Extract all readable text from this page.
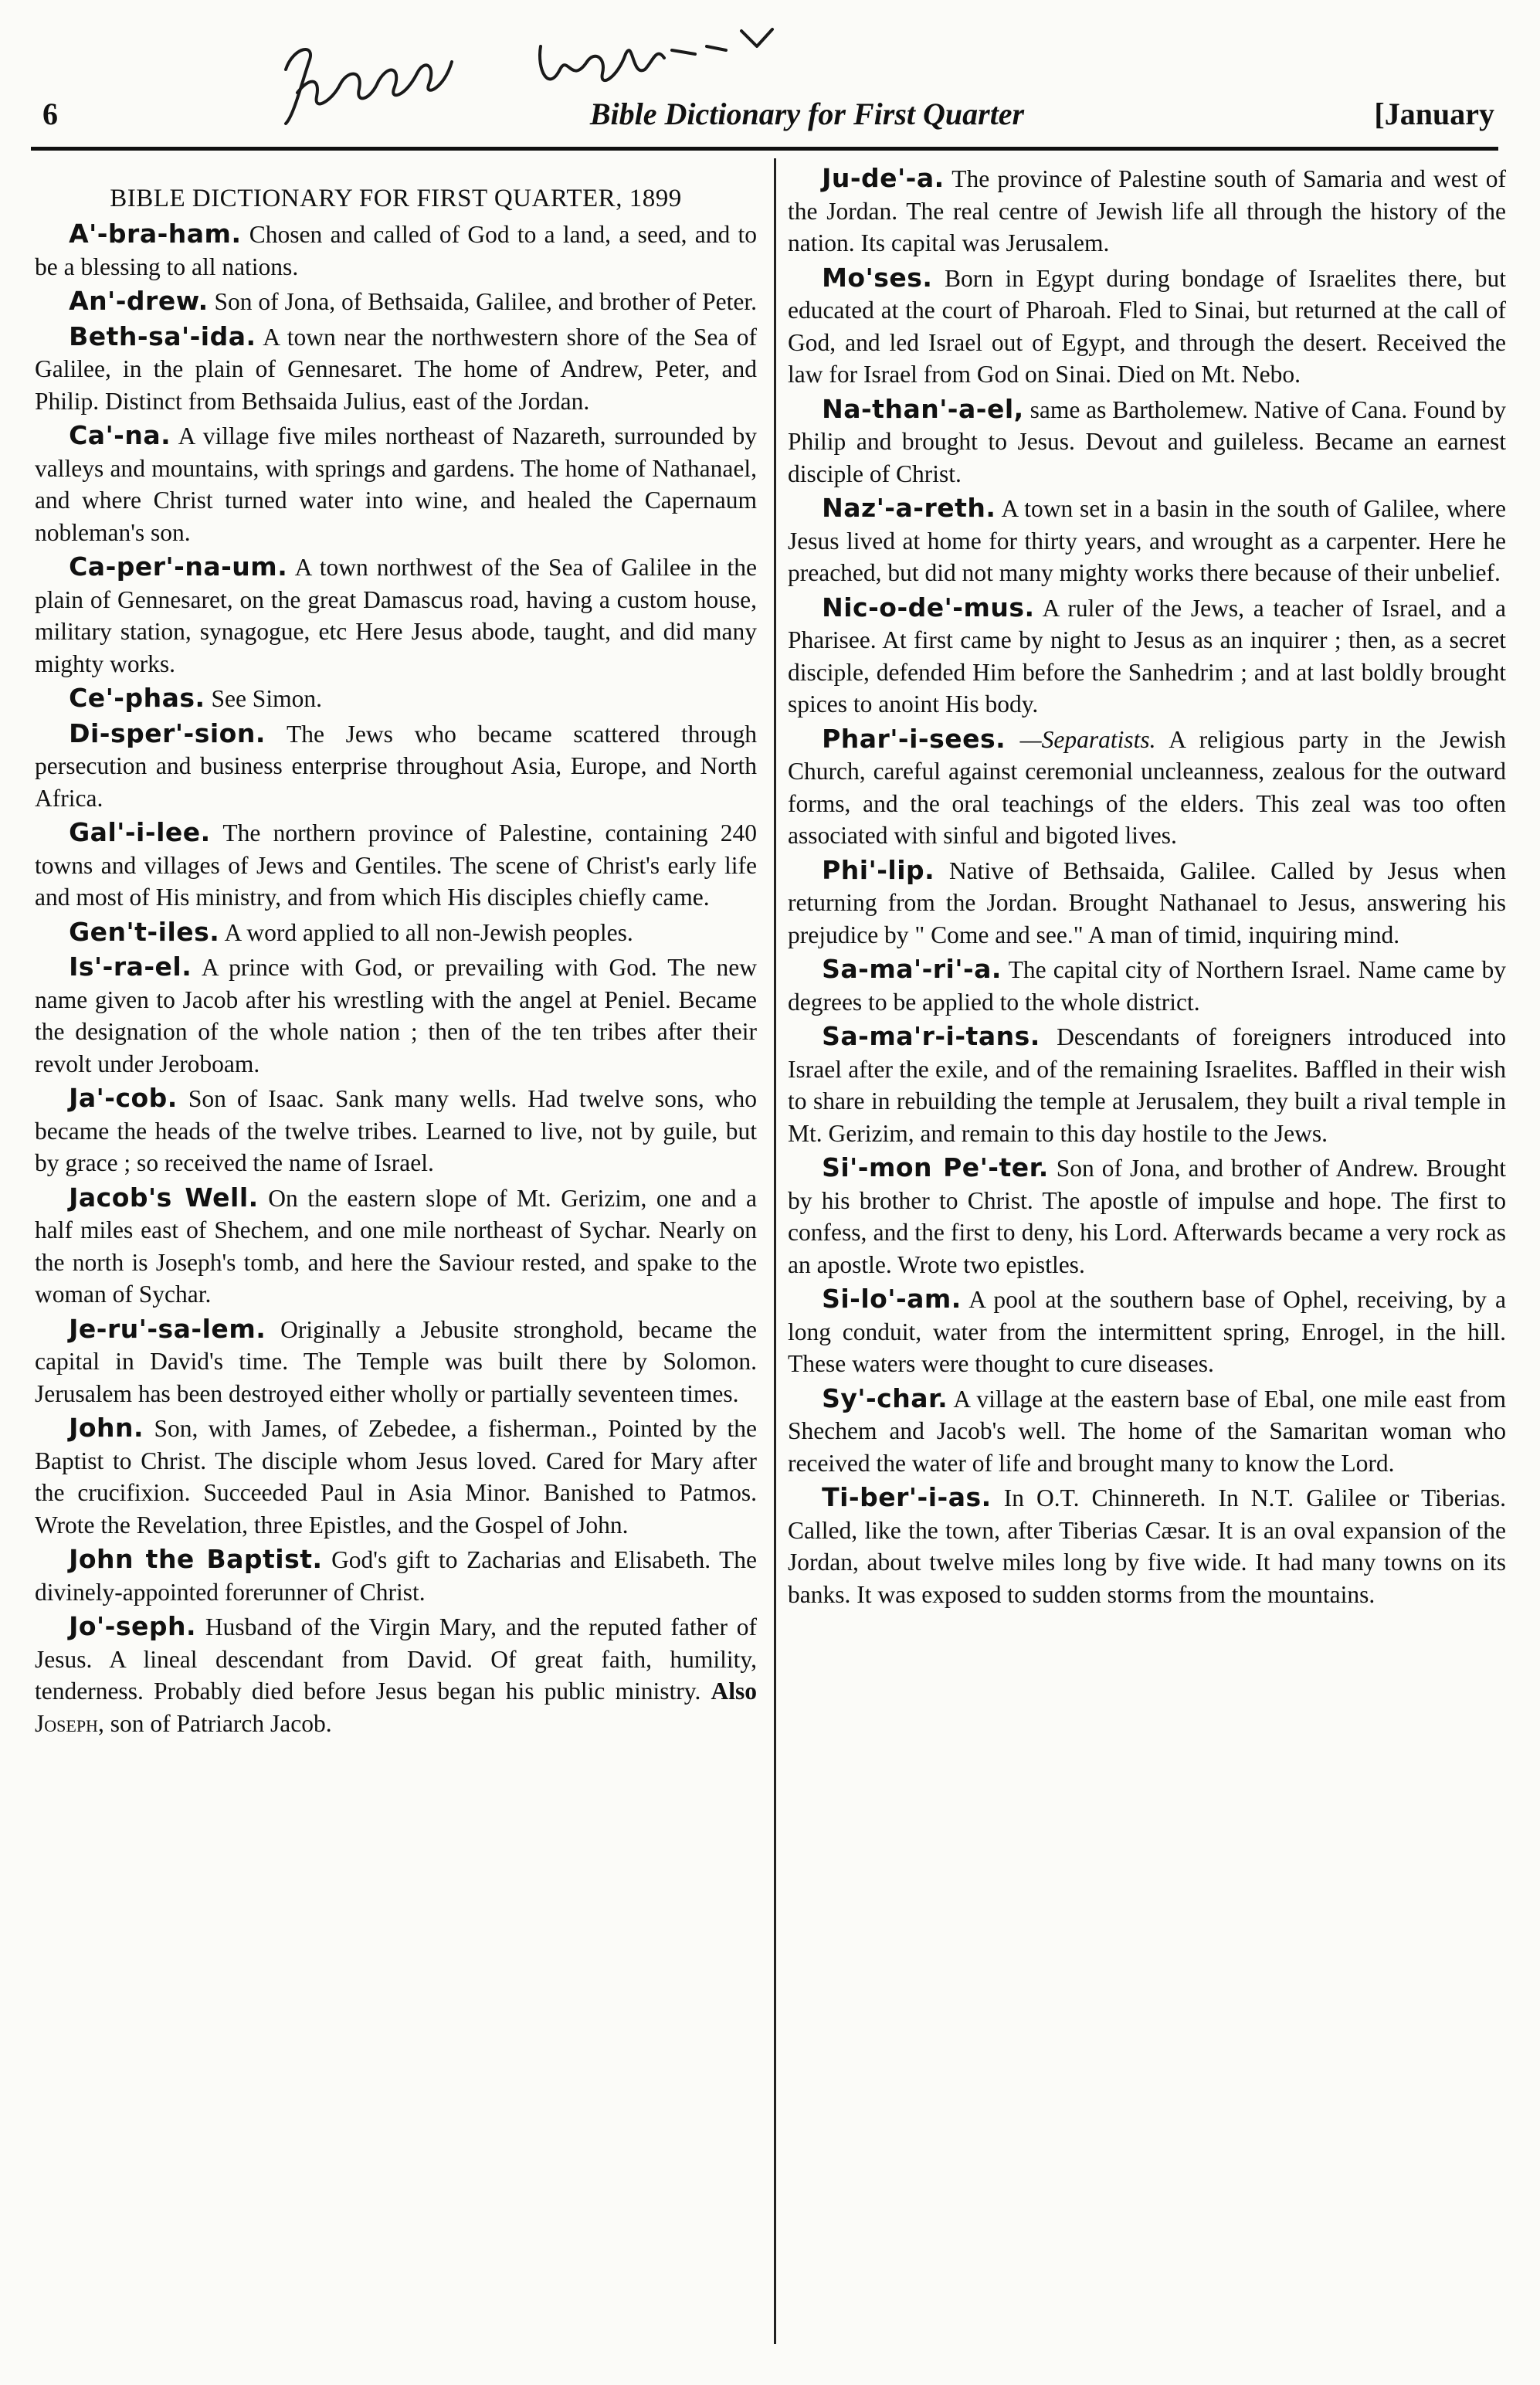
6	Bible Dictionary for First Quarter	[January
BIBLE DICTIONARY FOR FIRST QUARTER, 1899

A'-bra-ham. Chosen and called of God to a land, a seed, and to be a blessing to all nations.

An'-drew. Son of Jona, of Bethsaida, Galilee, and brother of Peter.

Beth-sa'-ida. A town near the northwestern shore of the Sea of Galilee, in the plain of Gennesaret. The home of Andrew, Peter, and Philip. Distinct from Bethsaida Julius, east of the Jordan.

Ca'-na. A village five miles northeast of Nazareth, surrounded by valleys and mountains, with springs and gardens. The home of Nathanael, and where Christ turned water into wine, and healed the Capernaum nobleman's son.

Ca-per'-na-um. A town northwest of the Sea of Galilee in the plain of Gennesaret, on the great Damascus road, having a custom house, military station, synagogue, etc Here Jesus abode, taught, and did many mighty works.

Ce'-phas. See Simon.

Di-sper'-sion. The Jews who became scattered through persecution and business enterprise throughout Asia, Europe, and North Africa.

Gal'-i-lee. The northern province of Palestine, containing 240 towns and villages of Jews and Gentiles. The scene of Christ's early life and most of His ministry, and from which His disciples chiefly came.

Gen't-iles. A word applied to all non-Jewish peoples.

Is'-ra-el. A prince with God, or prevailing with God. The new name given to Jacob after his wrestling with the angel at Peniel. Became the designation of the whole nation ; then of the ten tribes after their revolt under Jeroboam.

Ja'-cob. Son of Isaac. Sank many wells. Had twelve sons, who became the heads of the twelve tribes. Learned to live, not by guile, but by grace ; so received the name of Israel.

Jacob's Well. On the eastern slope of Mt. Gerizim, one and a half miles east of Shechem, and one mile northeast of Sychar. Nearly on the north is Joseph's tomb, and here the Saviour rested, and spake to the woman of Sychar.

Je-ru'-sa-lem. Originally a Jebusite stronghold, became the capital in David's time. The Temple was built there by Solomon. Jerusalem has been destroyed either wholly or partially seventeen times.

John. Son, with James, of Zebedee, a fisherman., Pointed by the Baptist to Christ. The disciple whom Jesus loved. Cared for Mary after the crucifixion. Succeeded Paul in Asia Minor. Banished to Patmos. Wrote the Revelation, three Epistles, and the Gospel of John.

John the Baptist. God's gift to Zacharias and Elisabeth. The divinely-appointed forerunner of Christ.

Jo'-seph. Husband of the Virgin Mary, and the reputed father of Jesus. A lineal descendant from David. Of great faith, humility, tenderness. Probably died before Jesus began his public ministry. Also Joseph, son of Patriarch Jacob.

Ju-de'-a. The province of Palestine south of Samaria and west of the Jordan. The real centre of Jewish life all through the history of the nation. Its capital was Jerusalem.

Mo'ses. Born in Egypt during bondage of Israelites there, but educated at the court of Pharoah. Fled to Sinai, but returned at the call of God, and led Israel out of Egypt, and through the desert. Received the law for Israel from God on Sinai. Died on Mt. Nebo.

Na-than'-a-el, same as Bartholemew. Native of Cana. Found by Philip and brought to Jesus. Devout and guileless. Became an earnest disciple of Christ.

Naz'-a-reth. A town set in a basin in the south of Galilee, where Jesus lived at home for thirty years, and wrought as a carpenter. Here he preached, but did not many mighty works there because of their unbelief.

Nic-o-de'-mus. A ruler of the Jews, a teacher of Israel, and a Pharisee. At first came by night to Jesus as an inquirer ; then, as a secret disciple, defended Him before the Sanhedrim ; and at last boldly brought spices to anoint His body.

Phar'-i-sees. —Separatists. A religious party in the Jewish Church, careful against ceremonial uncleanness, zealous for the outward forms, and the oral teachings of the elders. This zeal was too often associated with sinful and bigoted lives.

Phi'-lip. Native of Bethsaida, Galilee. Called by Jesus when returning from the Jordan. Brought Nathanael to Jesus, answering his prejudice by " Come and see." A man of timid, inquiring mind.

Sa-ma'-ri'-a. The capital city of Northern Israel. Name came by degrees to be applied to the whole district.

Sa-ma'r-i-tans. Descendants of foreigners introduced into Israel after the exile, and of the remaining Israelites. Baffled in their wish to share in rebuilding the temple at Jerusalem, they built a rival temple in Mt. Gerizim, and remain to this day hostile to the Jews.

Si'-mon Pe'-ter. Son of Jona, and brother of Andrew. Brought by his brother to Christ. The apostle of impulse and hope. The first to confess, and the first to deny, his Lord. Afterwards became a very rock as an apostle. Wrote two epistles.

Si-lo'-am. A pool at the southern base of Ophel, receiving, by a long conduit, water from the intermittent spring, Enrogel, in the hill. These waters were thought to cure diseases.

Sy'-char. A village at the eastern base of Ebal, one mile east from Shechem and Jacob's well. The home of the Samaritan woman who received the water of life and brought many to know the Lord.

Ti-ber'-i-as. In O.T. Chinnereth. In N.T. Galilee or Tiberias. Called, like the town, after Tiberias Cæsar. It is an oval expansion of the Jordan, about twelve miles long by five wide. It had many towns on its banks. It was exposed to sudden storms from the mountains.
